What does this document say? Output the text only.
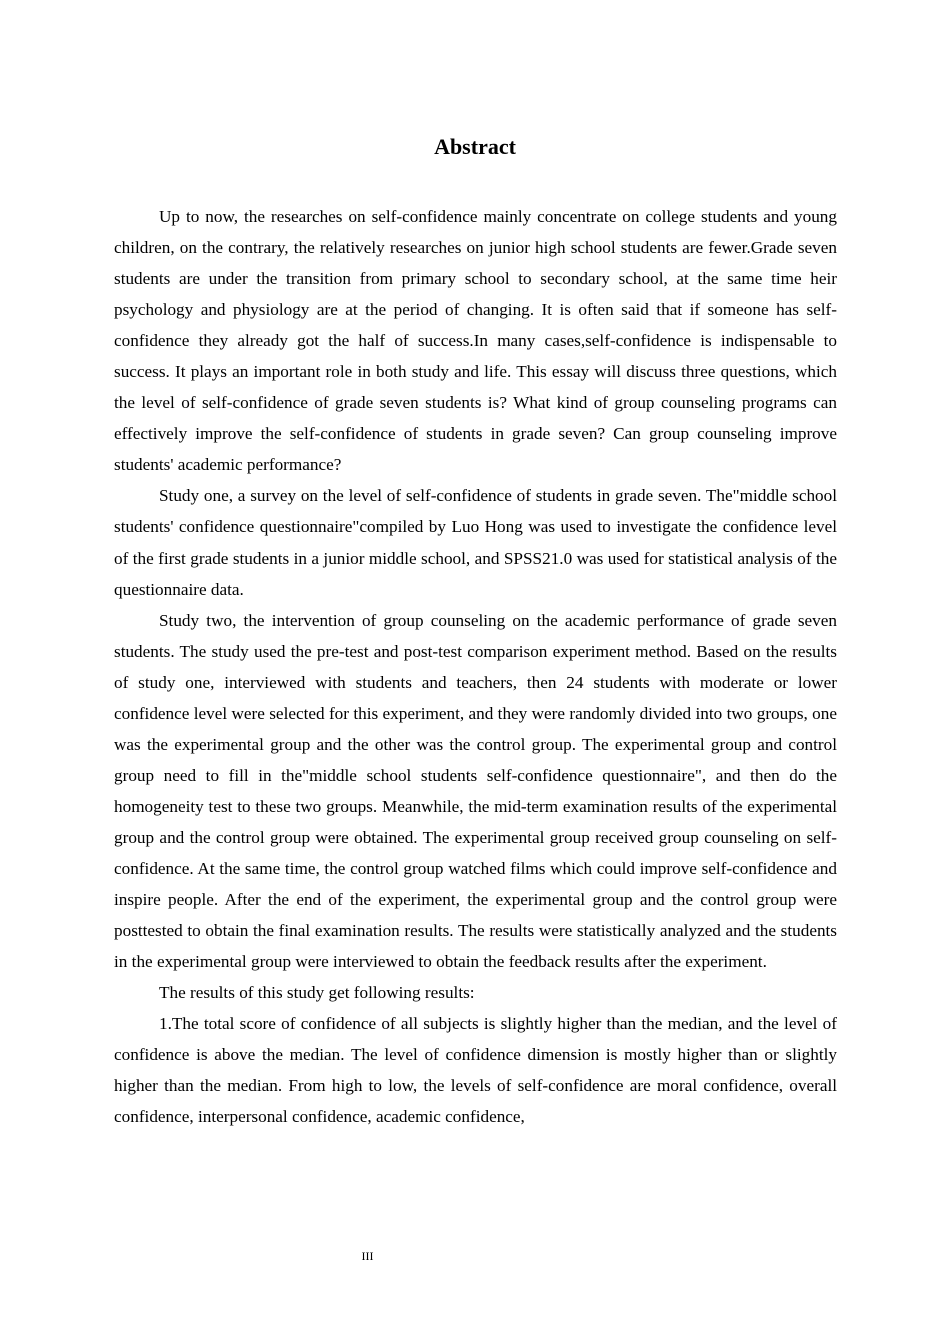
Abstract

Up to now, the researches on self-confidence mainly concentrate on college students and young children, on the contrary, the relatively researches on junior high school students are fewer.Grade seven students are under the transition from primary school to secondary school, at the same time heir psychology and physiology are at the period of changing. It is often said that if someone has self-confidence they already got the half of success.In many cases,self-confidence is indispensable to success. It plays an important role in both study and life. This essay will discuss three questions, which the level of self-confidence of grade seven students is? What kind of group counseling programs can effectively improve the self-confidence of students in grade seven? Can group counseling improve students' academic performance?

Study one, a survey on the level of self-confidence of students in grade seven. The"middle school students' confidence questionnaire"compiled by Luo Hong was used to investigate the confidence level of the first grade students in a junior middle school, and SPSS21.0 was used for statistical analysis of the questionnaire data.

Study two, the intervention of group counseling on the academic performance of grade seven students. The study used the pre-test and post-test comparison experiment method. Based on the results of study one, interviewed with students and teachers, then 24 students with moderate or lower confidence level were selected for this experiment, and they were randomly divided into two groups, one was the experimental group and the other was the control group. The experimental group and control group need to fill in the"middle school students self-confidence questionnaire", and then do the homogeneity test to these two groups. Meanwhile, the mid-term examination results of the experimental group and the control group were obtained. The experimental group received group counseling on self-confidence. At the same time, the control group watched films which could improve self-confidence and inspire people. After the end of the experiment, the experimental group and the control group were posttested to obtain the final examination results. The results were statistically analyzed and the students in the experimental group were interviewed to obtain the feedback results after the experiment.

The results of this study get following results:

1.The total score of confidence of all subjects is slightly higher than the median, and the level of confidence is above the median. The level of confidence dimension is mostly higher than or slightly higher than the median. From high to low, the levels of self-confidence are moral confidence, overall confidence, interpersonal confidence, academic confidence,

III
